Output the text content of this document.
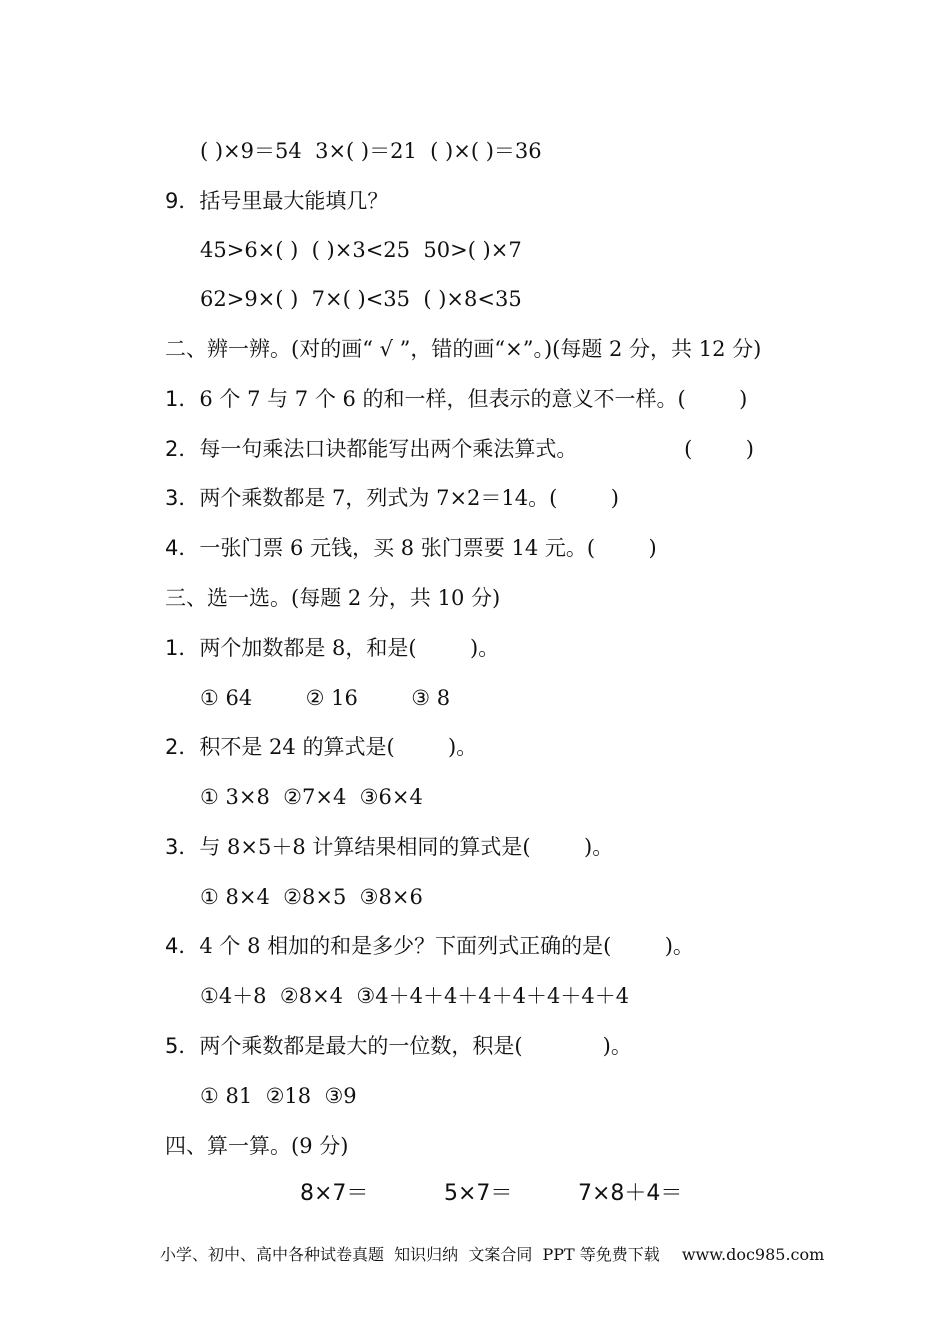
( )×9＝54  3×( )＝21  ( )×( )＝36
9．括号里最大能填几？
45>6×( )  ( )×3<25  50>( )×7
62>9×( )  7×( )<35  ( )×8<35
二、辨一辨。(对的画“ √ ”，错的画“×”。)(每题 2 分，共 12 分)
1．6 个 7 与 7 个 6 的和一样，但表示的意义不一样。(        )
2．每一句乘法口诀都能写出两个乘法算式。                (        )
3．两个乘数都是 7，列式为 7×2＝14。(        )
4．一张门票 6 元钱，买 8 张门票要 14 元。(        )
三、选一选。(每题 2 分，共 10 分)
1．两个加数都是 8，和是(        )。
① 64        ② 16        ③ 8
2．积不是 24 的算式是(        )。
① 3×8  ②7×4  ③6×4
3．与 8×5＋8 计算结果相同的算式是(        )。
① 8×4  ②8×5  ③8×6
4．4 个 8 相加的和是多少？下面列式正确的是(        )。
①4＋8  ②8×4  ③4＋4＋4＋4＋4＋4＋4＋4
5．两个乘数都是最大的一位数，积是(            )。
① 81  ②18  ③9
四、算一算。(9 分)
8×7＝	5×7＝	7×8＋4＝
小学、初中、高中各种试卷真题  知识归纳  文案合同  PPT 等免费下载 www.doc985.com
